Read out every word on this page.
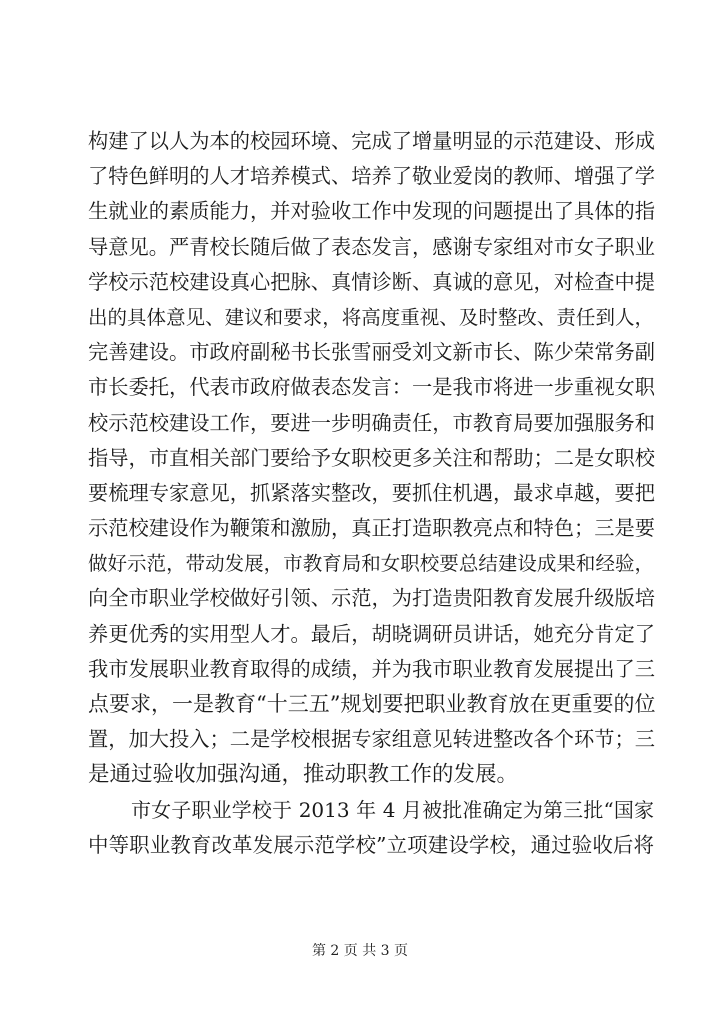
构建了以人为本的校园环境、完成了增量明显的示范建设、形成
了特色鲜明的人才培养模式、培养了敬业爱岗的教师、增强了学
生就业的素质能力，并对验收工作中发现的问题提出了具体的指
导意见。严青校长随后做了表态发言，感谢专家组对市女子职业
学校示范校建设真心把脉、真情诊断、真诚的意见，对检查中提
出的具体意见、建议和要求，将高度重视、及时整改、责任到人，
完善建设。市政府副秘书长张雪丽受刘文新市长、陈少荣常务副
市长委托，代表市政府做表态发言：一是我市将进一步重视女职
校示范校建设工作，要进一步明确责任，市教育局要加强服务和
指导，市直相关部门要给予女职校更多关注和帮助；二是女职校
要梳理专家意见，抓紧落实整改，要抓住机遇，最求卓越，要把
示范校建设作为鞭策和激励，真正打造职教亮点和特色；三是要
做好示范，带动发展，市教育局和女职校要总结建设成果和经验，
向全市职业学校做好引领、示范，为打造贵阳教育发展升级版培
养更优秀的实用型人才。最后，胡晓调研员讲话，她充分肯定了
我市发展职业教育取得的成绩，并为我市职业教育发展提出了三
点要求，一是教育“十三五”规划要把职业教育放在更重要的位
置，加大投入；二是学校根据专家组意见转进整改各个环节；三
是通过验收加强沟通，推动职教工作的发展。
市女子职业学校于 2013 年 4 月被批准确定为第三批“国家
中等职业教育改革发展示范学校”立项建设学校，通过验收后将
第 2 页 共 3 页
